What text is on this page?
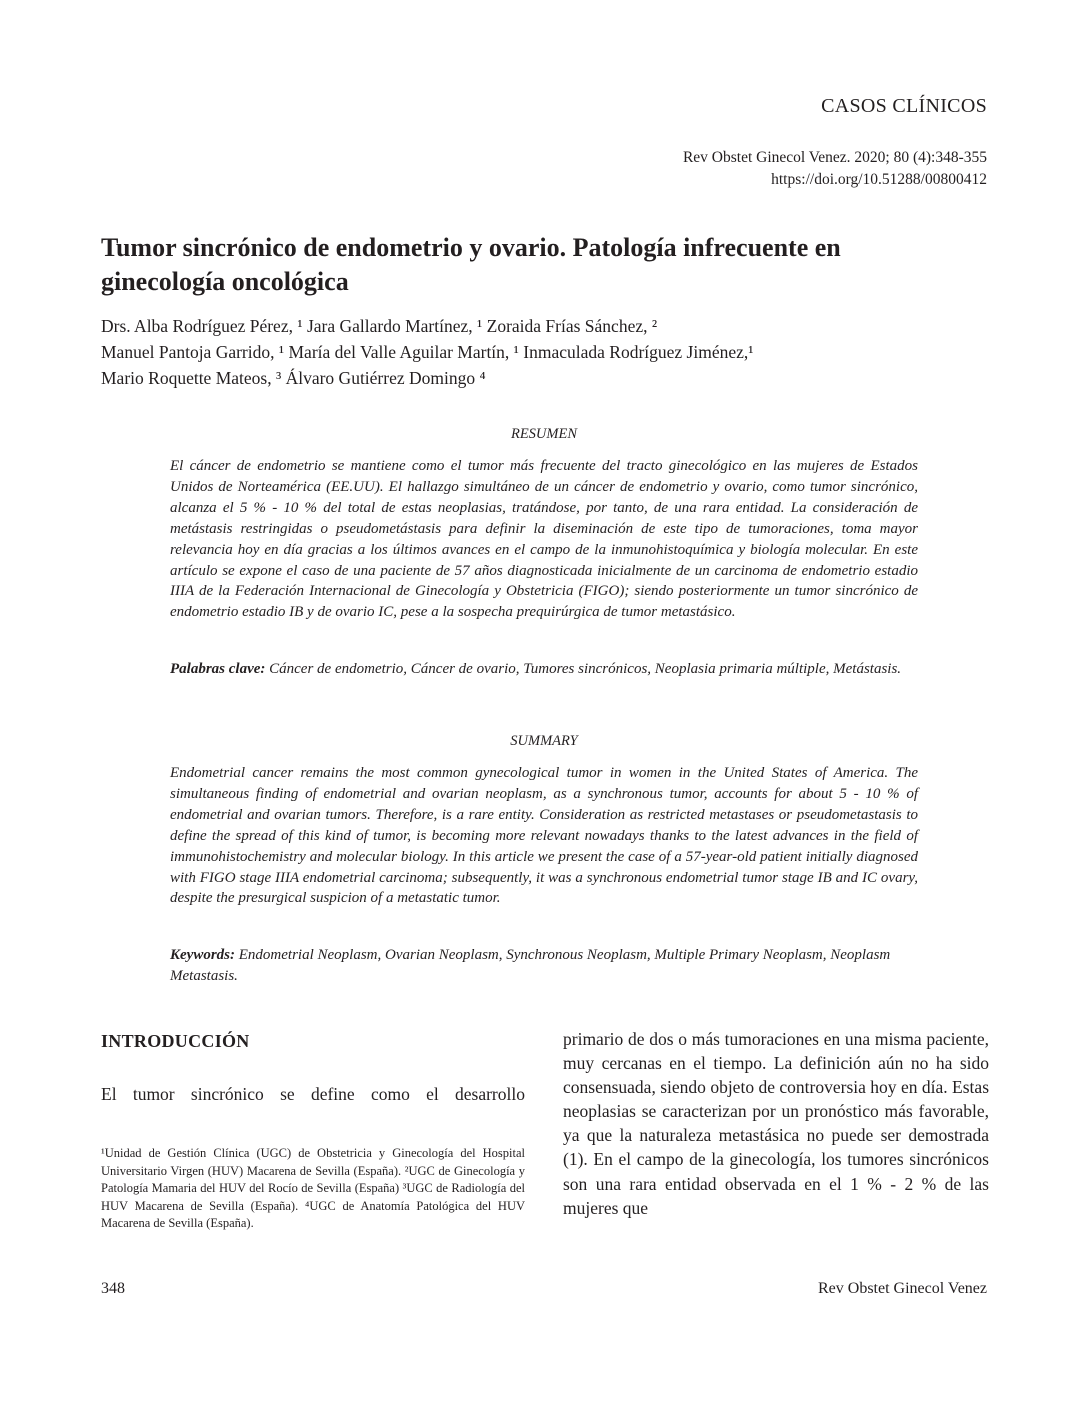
CASOS CLÍNICOS
Rev Obstet Ginecol Venez. 2020; 80 (4):348-355
https://doi.org/10.51288/00800412
Tumor sincrónico de endometrio y ovario. Patología infrecuente en ginecología oncológica
Drs. Alba Rodríguez Pérez, ¹ Jara Gallardo Martínez, ¹ Zoraida Frías Sánchez, ²
Manuel Pantoja Garrido, ¹ María del Valle Aguilar Martín, ¹ Inmaculada Rodríguez Jiménez,¹
Mario Roquette Mateos, ³ Álvaro Gutiérrez Domingo ⁴
RESUMEN
El cáncer de endometrio se mantiene como el tumor más frecuente del tracto ginecológico en las mujeres de Estados Unidos de Norteamérica (EE.UU). El hallazgo simultáneo de un cáncer de endometrio y ovario, como tumor sincrónico, alcanza el 5 % - 10 % del total de estas neoplasias, tratándose, por tanto, de una rara entidad. La consideración de metástasis restringidas o pseudometástasis para definir la diseminación de este tipo de tumoraciones, toma mayor relevancia hoy en día gracias a los últimos avances en el campo de la inmunohistoquímica y biología molecular. En este artículo se expone el caso de una paciente de 57 años diagnosticada inicialmente de un carcinoma de endometrio estadio IIIA de la Federación Internacional de Ginecología y Obstetricia (FIGO); siendo posteriormente un tumor sincrónico de endometrio estadio IB y de ovario IC, pese a la sospecha prequirúrgica de tumor metastásico.
Palabras clave: Cáncer de endometrio, Cáncer de ovario, Tumores sincrónicos, Neoplasia primaria múltiple, Metástasis.
SUMMARY
Endometrial cancer remains the most common gynecological tumor in women in the United States of America. The simultaneous finding of endometrial and ovarian neoplasm, as a synchronous tumor, accounts for about 5 - 10 % of endometrial and ovarian tumors. Therefore, is a rare entity. Consideration as restricted metastases or pseudometastasis to define the spread of this kind of tumor, is becoming more relevant nowadays thanks to the latest advances in the field of immunohistochemistry and molecular biology. In this article we present the case of a 57-year-old patient initially diagnosed with FIGO stage IIIA endometrial carcinoma; subsequently, it was a synchronous endometrial tumor stage IB and IC ovary, despite the presurgical suspicion of a metastatic tumor.
Keywords: Endometrial Neoplasm, Ovarian Neoplasm, Synchronous Neoplasm, Multiple Primary Neoplasm, Neoplasm Metastasis.
INTRODUCCIÓN
El tumor sincrónico se define como el desarrollo
¹Unidad de Gestión Clínica (UGC) de Obstetricia y Ginecología del Hospital Universitario Virgen (HUV) Macarena de Sevilla (España). ²UGC de Ginecología y Patología Mamaria del HUV del Rocío de Sevilla (España) ³UGC de Radiología del HUV Macarena de Sevilla (España). ⁴UGC de Anatomía Patológica del HUV Macarena de Sevilla (España).
primario de dos o más tumoraciones en una misma paciente, muy cercanas en el tiempo. La definición aún no ha sido consensuada, siendo objeto de controversia hoy en día. Estas neoplasias se caracterizan por un pronóstico más favorable, ya que la naturaleza metastásica no puede ser demostrada (1). En el campo de la ginecología, los tumores sincrónicos son una rara entidad observada en el 1 % - 2 % de las mujeres que
348	Rev Obstet Ginecol Venez
